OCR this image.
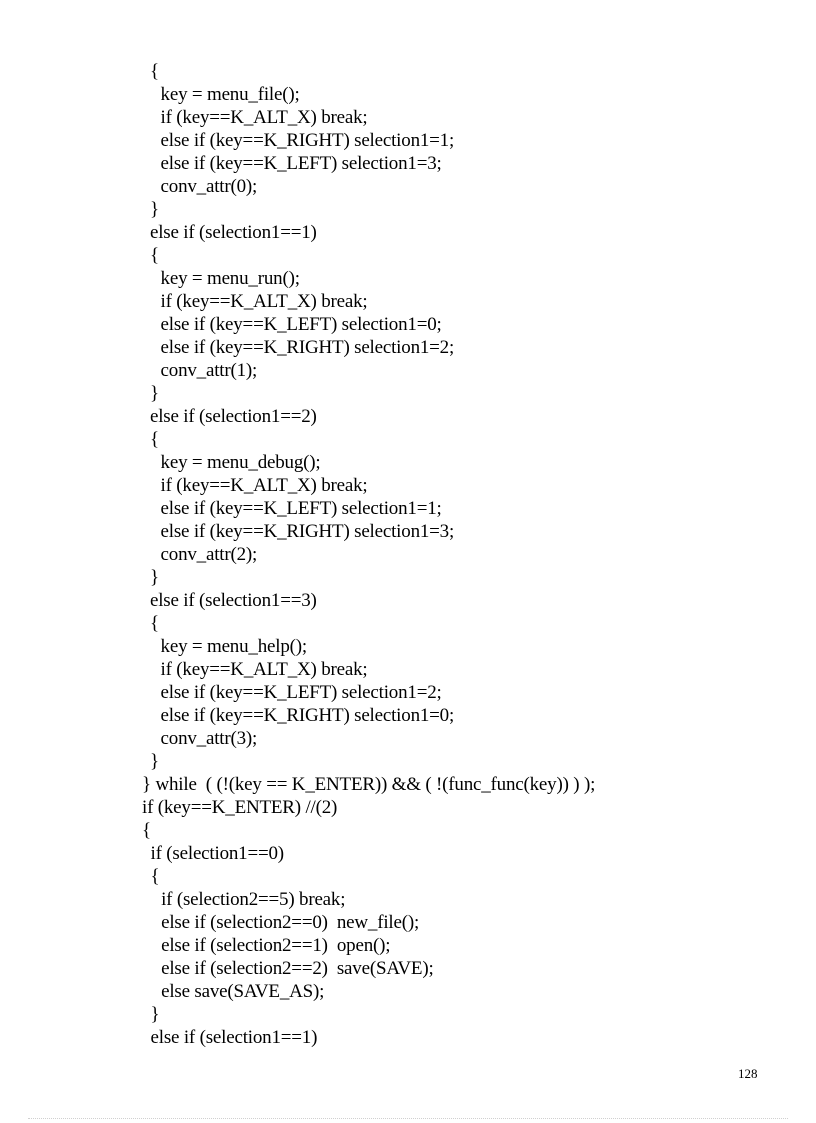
{
key = menu_file();
if (key==K_ALT_X) break;
else if (key==K_RIGHT) selection1=1;
else if (key==K_LEFT) selection1=3;
conv_attr(0);
}
else if (selection1==1)
{
key = menu_run();
if (key==K_ALT_X) break;
else if (key==K_LEFT) selection1=0;
else if (key==K_RIGHT) selection1=2;
conv_attr(1);
}
else if (selection1==2)
{
key = menu_debug();
if (key==K_ALT_X) break;
else if (key==K_LEFT) selection1=1;
else if (key==K_RIGHT) selection1=3;
conv_attr(2);
}
else if (selection1==3)
{
key = menu_help();
if (key==K_ALT_X) break;
else if (key==K_LEFT) selection1=2;
else if (key==K_RIGHT) selection1=0;
conv_attr(3);
}
} while  ( (!(key == K_ENTER)) && ( !(func_func(key)) ) );
if (key==K_ENTER) //(2)
{
if (selection1==0)
{
if (selection2==5) break;
else if (selection2==0)  new_file();
else if (selection2==1)  open();
else if (selection2==2)  save(SAVE);
else save(SAVE_AS);
}
else if (selection1==1)
128
